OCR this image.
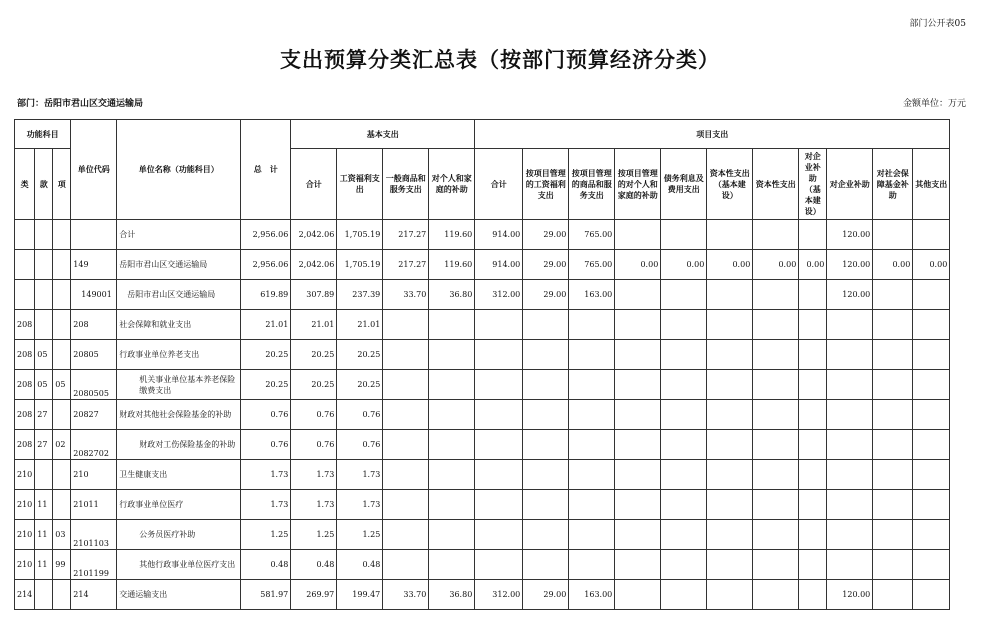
部门公开表05
支出预算分类汇总表（按部门预算经济分类）
部门：岳阳市君山区交通运输局	金额单位：万元
功能科目			单位代码	单位名称（功能科目）	总　计	基本支出				项目支出										
类	款	项				合计	工资福利支出	一般商品和服务支出	对个人和家庭的补助	合计	按项目管理的工资福利支出	按项目管理的商品和服务支出	按项目管理的对个人和家庭的补助	债务利息及费用支出	资本性支出（基本建设）	资本性支出	对企业补助（基本建设）	对企业补助	对社会保障基金补助	其他支出
				合计	2,956.06	2,042.06	1,705.19	217.27	119.60	914.00	29.00	765.00						120.00		
			149	岳阳市君山区交通运输局	2,956.06	2,042.06	1,705.19	217.27	119.60	914.00	29.00	765.00	0.00	0.00	0.00	0.00	0.00	120.00	0.00	0.00
			149001	岳阳市君山区交通运输局	619.89	307.89	237.39	33.70	36.80	312.00	29.00	163.00						120.00		
208			208	社会保障和就业支出	21.01	21.01	21.01													
208	05		20805	行政事业单位养老支出	20.25	20.25	20.25													
208	05	05	2080505	机关事业单位基本养老保险缴费支出	20.25	20.25	20.25													
208	27		20827	财政对其他社会保险基金的补助	0.76	0.76	0.76													
208	27	02	2082702	财政对工伤保险基金的补助	0.76	0.76	0.76													
210			210	卫生健康支出	1.73	1.73	1.73													
210	11		21011	行政事业单位医疗	1.73	1.73	1.73													
210	11	03	2101103	公务员医疗补助	1.25	1.25	1.25													
210	11	99	2101199	其他行政事业单位医疗支出	0.48	0.48	0.48													
214			214	交通运输支出	581.97	269.97	199.47	33.70	36.80	312.00	29.00	163.00						120.00		
